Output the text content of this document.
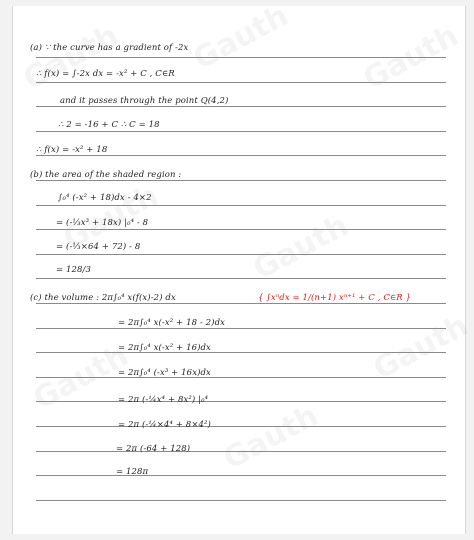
(a) ∵ the curve has a gradient of -2x
∴ f(x) = ∫-2x dx = -x² + C , C∈R
and it passes through the point Q(4,2)
∴ 2 = -16 + C ∴ C = 18
∴ f(x) = -x² + 18
(b) the area of the shaded region :
∫₀⁴ (-x² + 18)dx - 4×2
= (-⅓x³ + 18x) |₀⁴ - 8
= (-⅓×64 + 72) - 8
= 128/3
(c) the volume : 2π∫₀⁴ x(f(x)-2) dx	{ ∫xⁿdx = 1/(n+1) xⁿ⁺¹ + C , C∈R }
= 2π∫₀⁴ x(-x² + 18 - 2)dx
= 2π∫₀⁴ x(-x² + 16)dx
= 2π∫₀⁴ (-x³ + 16x)dx
= 2π (-¼x⁴ + 8x²) |₀⁴
= 2π (-¼×4⁴ + 8×4²)
= 2π (-64 + 128)
= 128π
